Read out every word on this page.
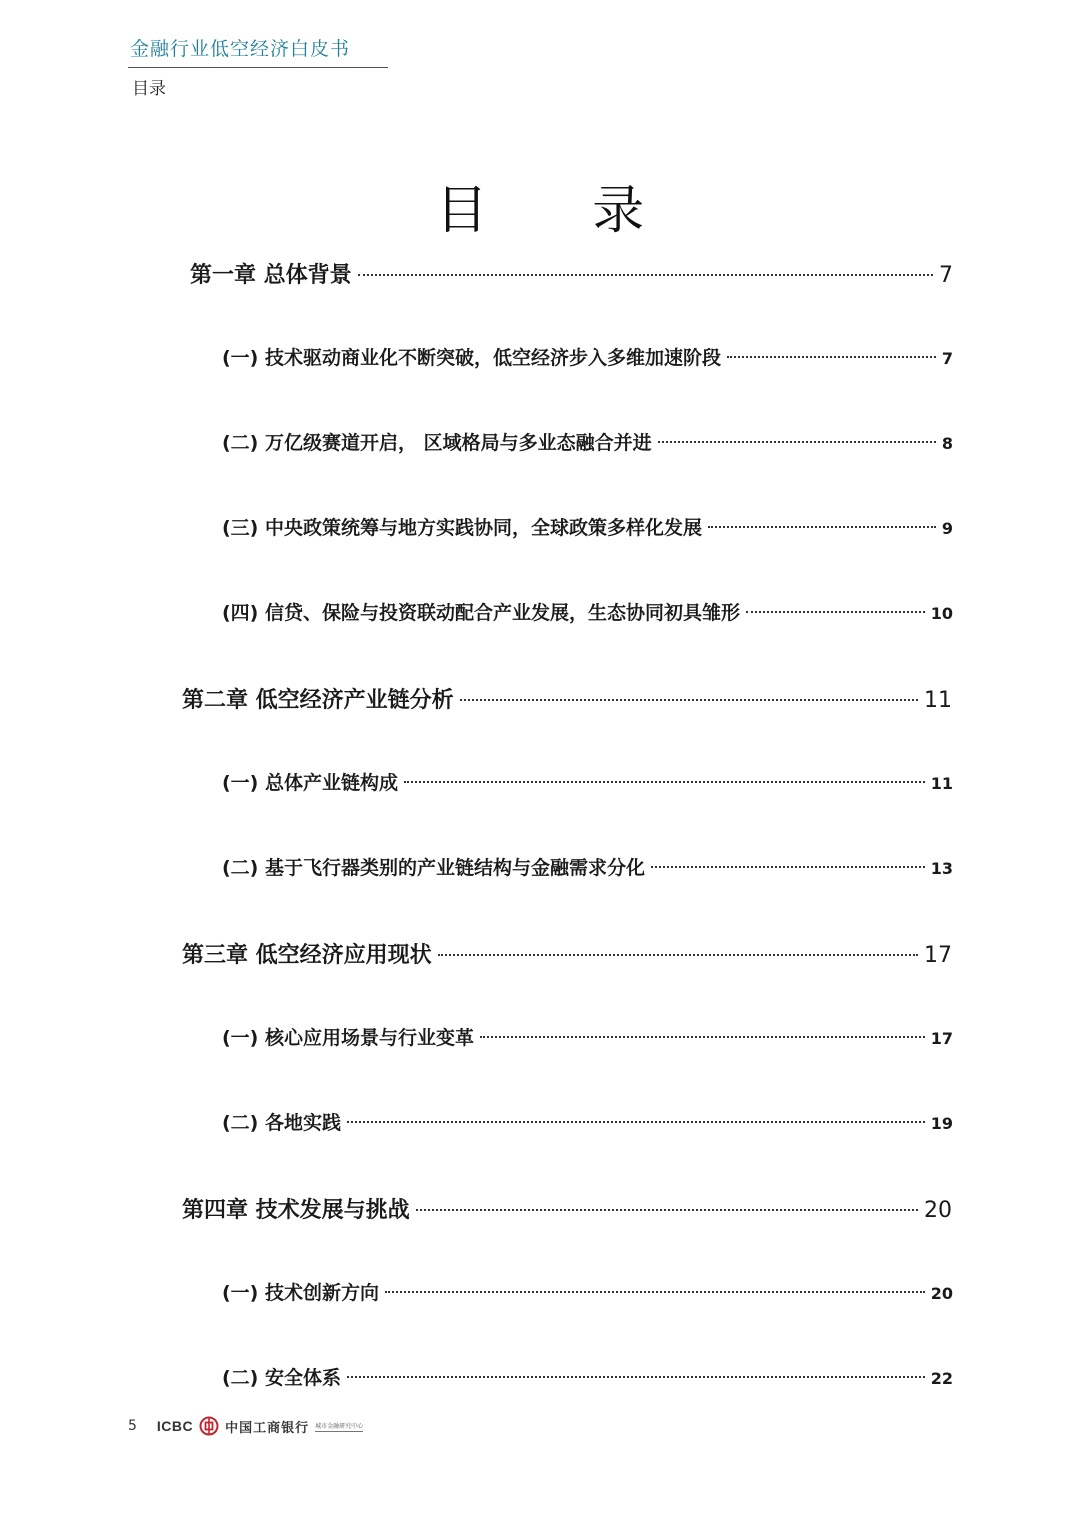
金融行业低空经济白皮书
目录
目 录
第一章 总体背景	7
(一) 技术驱动商业化不断突破，低空经济步入多维加速阶段	7
(二) 万亿级赛道开启， 区域格局与多业态融合并进	8
(三) 中央政策统筹与地方实践协同，全球政策多样化发展	9
(四) 信贷、保险与投资联动配合产业发展，生态协同初具雏形	10
第二章 低空经济产业链分析	11
(一) 总体产业链构成	11
(二) 基于飞行器类别的产业链结构与金融需求分化	13
第三章 低空经济应用现状	17
(一) 核心应用场景与行业变革	17
(二) 各地实践	19
第四章 技术发展与挑战	20
(一) 技术创新方向	20
(二) 安全体系	22
5 ICBC 中国工商银行 城市金融研究中心
